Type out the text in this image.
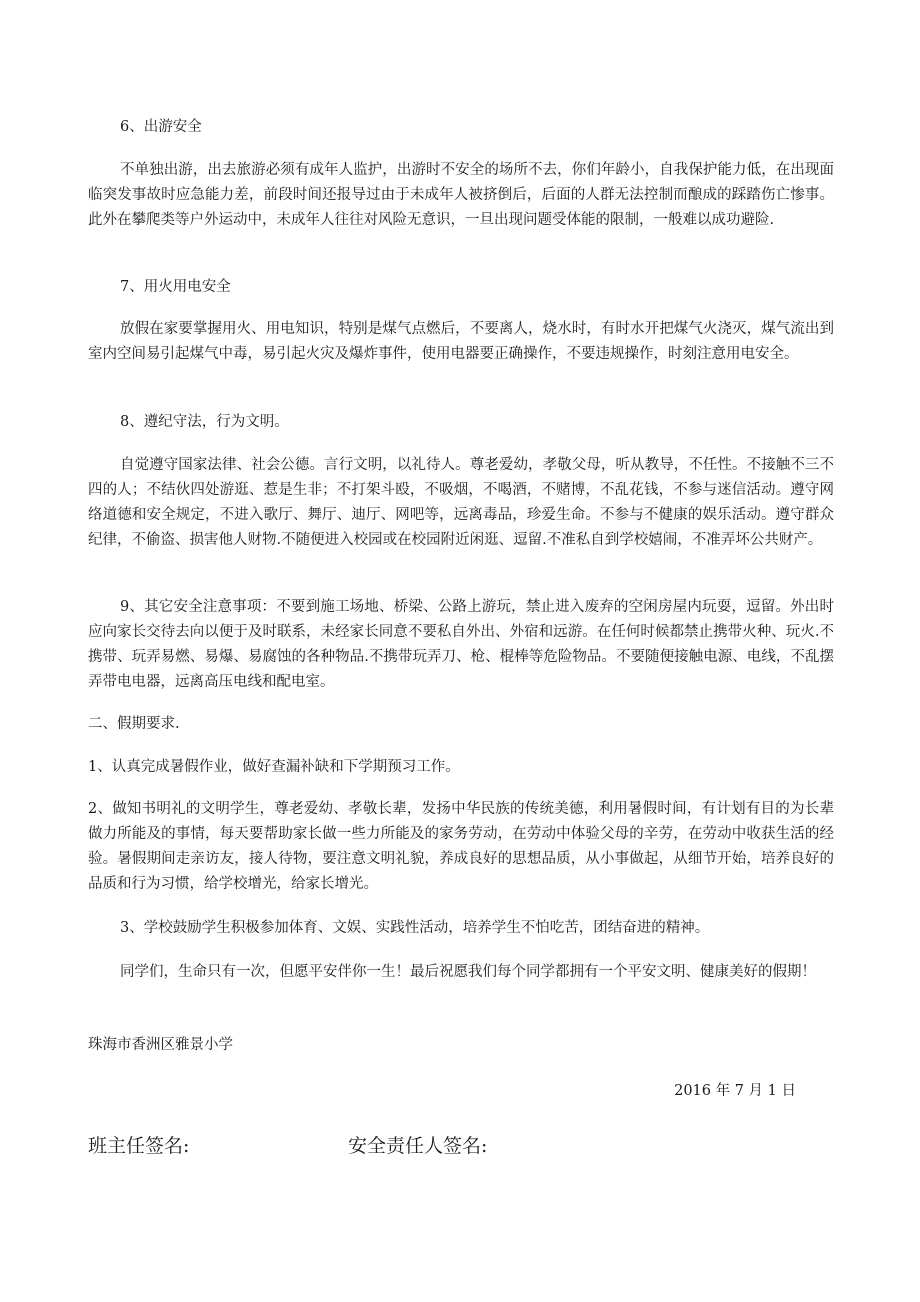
6、出游安全

不单独出游，出去旅游必须有成年人监护，出游时不安全的场所不去，你们年龄小，自我保护能力低，在出现面临突发事故时应急能力差，前段时间还报导过由于未成年人被挤倒后，后面的人群无法控制而酿成的踩踏伤亡惨事。此外在攀爬类等户外运动中，未成年人往往对风险无意识，一旦出现问题受体能的限制，一般难以成功避险.

7、用火用电安全

放假在家要掌握用火、用电知识，特别是煤气点燃后，不要离人，烧水时，有时水开把煤气火浇灭，煤气流出到室内空间易引起煤气中毒，易引起火灾及爆炸事件，使用电器要正确操作，不要违规操作，时刻注意用电安全。

8、遵纪守法，行为文明。

自觉遵守国家法律、社会公德。言行文明，以礼待人。尊老爱幼，孝敬父母，听从教导，不任性。不接触不三不四的人；不结伙四处游逛、惹是生非；不打架斗殴，不吸烟，不喝酒，不赌博，不乱花钱，不参与迷信活动。遵守网络道德和安全规定，不进入歌厅、舞厅、迪厅、网吧等，远离毒品，珍爱生命。不参与不健康的娱乐活动。遵守群众纪律，不偷盗、损害他人财物.不随便进入校园或在校园附近闲逛、逗留.不准私自到学校嬉闹，不准弄坏公共财产。

9、其它安全注意事项：不要到施工场地、桥梁、公路上游玩，禁止进入废弃的空闲房屋内玩耍，逗留。外出时应向家长交待去向以便于及时联系，未经家长同意不要私自外出、外宿和远游。在任何时候都禁止携带火种、玩火.不携带、玩弄易燃、易爆、易腐蚀的各种物品.不携带玩弄刀、枪、棍棒等危险物品。不要随便接触电源、电线，不乱摆弄带电电器，远离高压电线和配电室。

二、假期要求.

1、认真完成暑假作业，做好查漏补缺和下学期预习工作。

2、做知书明礼的文明学生，尊老爱幼、孝敬长辈，发扬中华民族的传统美德，利用暑假时间，有计划有目的为长辈做力所能及的事情，每天要帮助家长做一些力所能及的家务劳动，在劳动中体验父母的辛劳，在劳动中收获生活的经验。暑假期间走亲访友，接人待物，要注意文明礼貌，养成良好的思想品质，从小事做起，从细节开始，培养良好的品质和行为习惯，给学校增光，给家长增光。

3、学校鼓励学生积极参加体育、文娱、实践性活动，培养学生不怕吃苦，团结奋进的精神。

同学们，生命只有一次，但愿平安伴你一生！最后祝愿我们每个同学都拥有一个平安文明、健康美好的假期！

珠海市香洲区雅景小学

2016 年 7 月 1 日

班主任签名:	安全责任人签名:
